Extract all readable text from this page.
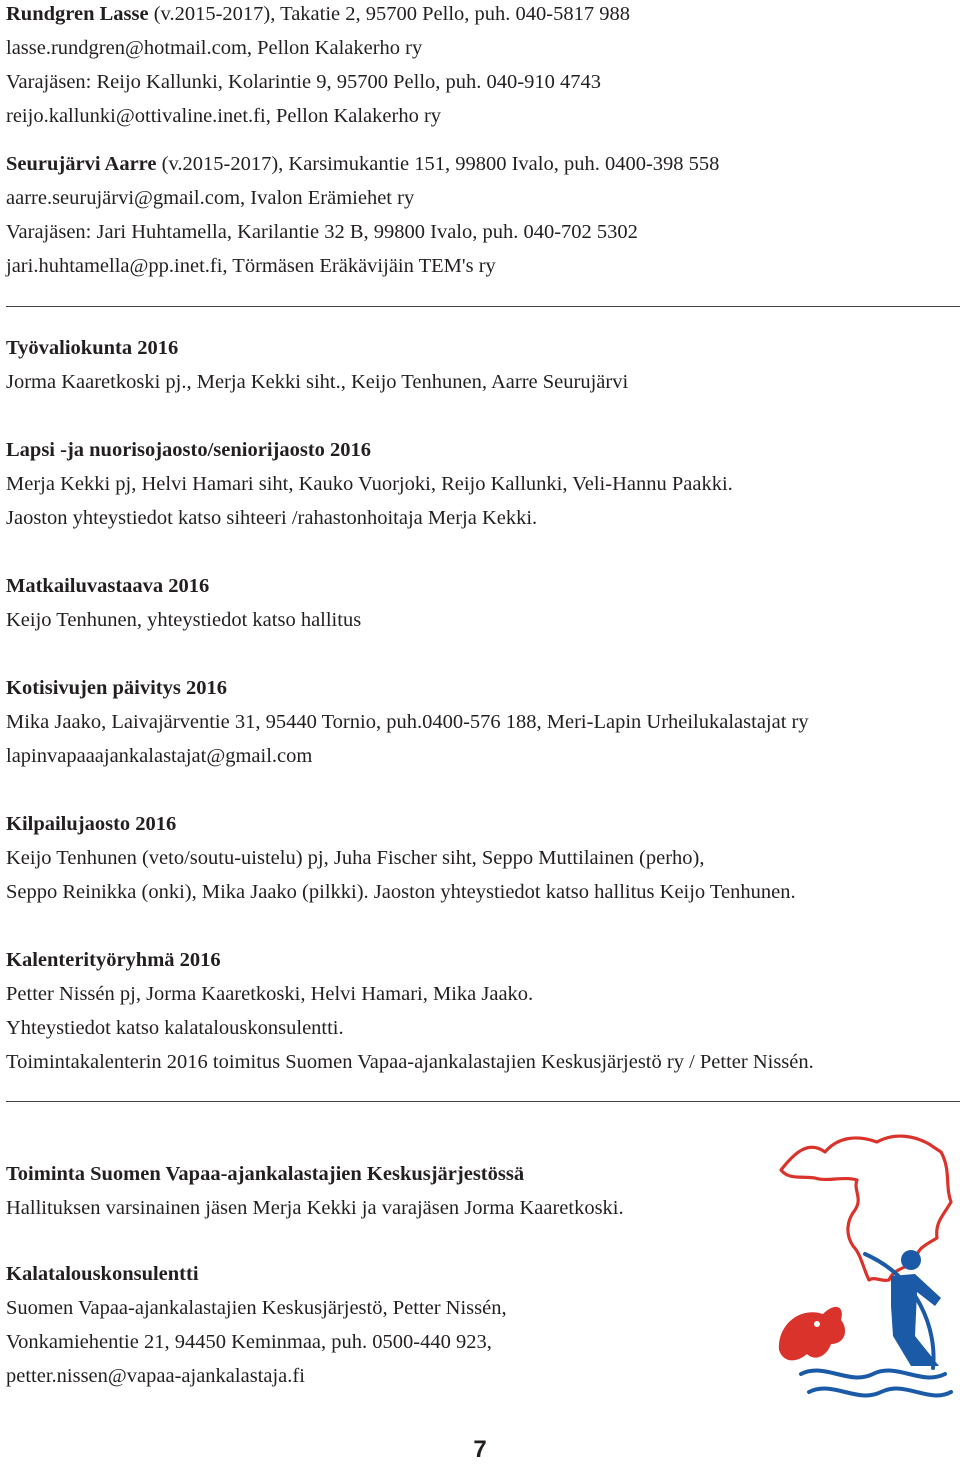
Rundgren Lasse (v.2015-2017), Takatie 2, 95700 Pello, puh. 040-5817 988

lasse.rundgren@hotmail.com, Pellon Kalakerho ry

Varajäsen: Reijo Kallunki, Kolarintie 9, 95700 Pello, puh. 040-910 4743

reijo.kallunki@ottivaline.inet.fi, Pellon Kalakerho ry

Seurujärvi Aarre (v.2015-2017), Karsimukantie 151, 99800 Ivalo, puh. 0400-398 558

aarre.seurujärvi@gmail.com, Ivalon Erämiehet ry

Varajäsen: Jari Huhtamella, Karilantie 32 B, 99800 Ivalo, puh. 040-702 5302

jari.huhtamella@pp.inet.fi, Törmäsen Eräkävijäin TEM's ry

Työvaliokunta 2016

Jorma Kaaretkoski pj., Merja Kekki siht., Keijo Tenhunen, Aarre Seurujärvi

Lapsi -ja nuorisojaosto/seniorijaosto 2016

Merja Kekki pj, Helvi Hamari siht, Kauko Vuorjoki, Reijo Kallunki, Veli-Hannu Paakki.

Jaoston yhteystiedot katso sihteeri /rahastonhoitaja Merja Kekki.

Matkailuvastaava 2016

Keijo Tenhunen, yhteystiedot katso hallitus

Kotisivujen päivitys 2016

Mika Jaako, Laivajärventie 31, 95440 Tornio, puh.0400-576 188, Meri-Lapin Urheilukalastajat ry

lapinvapaaajankalastajat@gmail.com

Kilpailujaosto 2016

Keijo Tenhunen (veto/soutu-uistelu) pj, Juha Fischer siht, Seppo Muttilainen (perho),

Seppo Reinikka (onki), Mika Jaako (pilkki). Jaoston yhteystiedot katso hallitus Keijo Tenhunen.

Kalenterityöryhmä 2016

Petter Nissén pj, Jorma Kaaretkoski, Helvi Hamari, Mika Jaako.

Yhteystiedot katso kalatalouskonsulentti.

Toimintakalenterin 2016 toimitus Suomen Vapaa-ajankalastajien Keskusjärjestö ry / Petter Nissén.

Toiminta Suomen Vapaa-ajankalastajien Keskusjärjestössä

Hallituksen varsinainen jäsen Merja Kekki ja varajäsen Jorma Kaaretkoski.

Kalatalouskonsulentti

Suomen Vapaa-ajankalastajien Keskusjärjestö, Petter Nissén,

Vonkamiehentie 21, 94450 Keminmaa, puh. 0500-440 923,

petter.nissen@vapaa-ajankalastaja.fi

7
